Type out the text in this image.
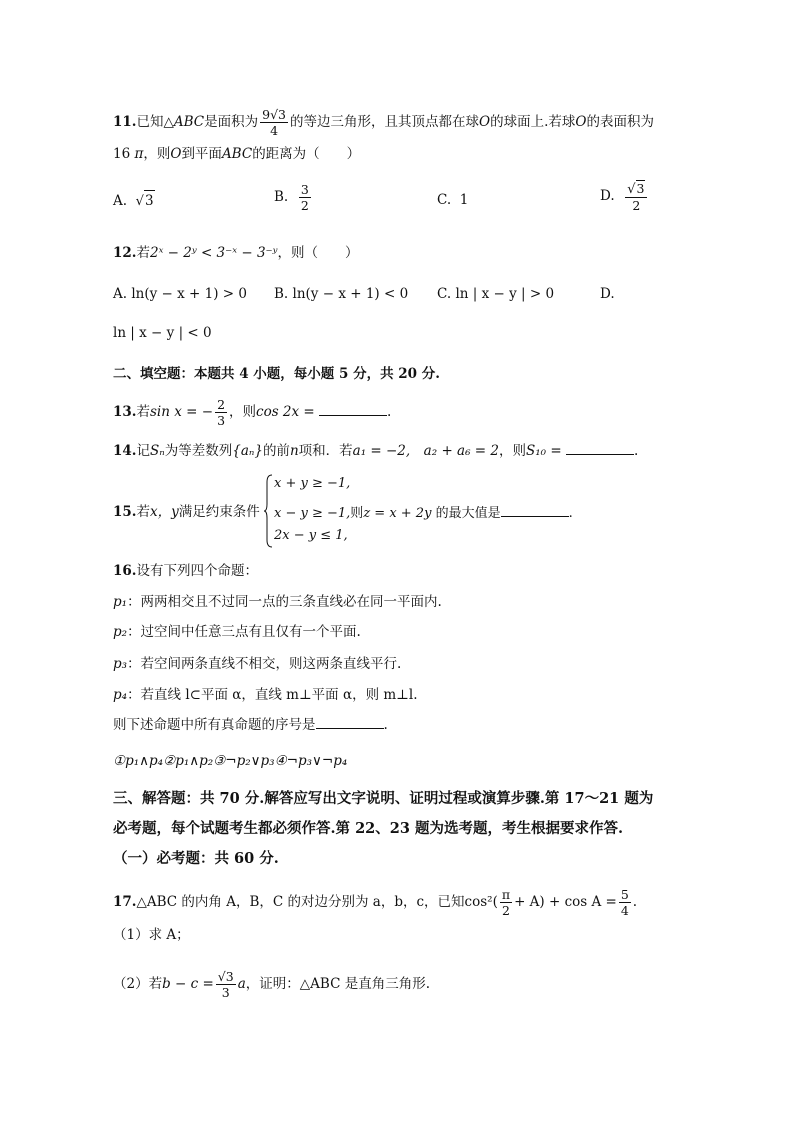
11.已知△ABC是面积为 $\frac{9√3}{4}$ 的等边三角形，且其顶点都在球O的球面上.若球O的表面积为
16 π，则O到平面ABC的距离为（　　）
A. √3	B. $\frac{3}{2}$	C. 1	D. $\frac{√3}{2}$
12.若2ˣ − 2ʸ < 3⁻ˣ − 3⁻ʸ，则（　　）
A. ln(y − x + 1) > 0 B. ln(y − x + 1) < 0 C. ln | x − y | > 0	D.
ln | x − y | < 0
二、填空题：本题共 4 小题，每小题 5 分，共 20 分.
13.若sin x = − $\frac{2}{3}$ ，则cos 2x =	.
14.记Sₙ为等差数列{aₙ}的前n项和．若a₁ = −2,　a₂ + a₆ = 2，则S₁₀ =	.
15.若x，y满足约束条件
x + y ≥ −1,
x − y ≥ −1,则z = x + 2y 的最大值是	.
2x − y ≤ 1,
16.设有下列四个命题：
p₁：两两相交且不过同一点的三条直线必在同一平面内.
p₂：过空间中任意三点有且仅有一个平面.
p₃：若空间两条直线不相交，则这两条直线平行.
p₄：若直线 l⊂平面 α，直线 m⊥平面 α，则 m⊥l.
则下述命题中所有真命题的序号是	.
①p₁∧p₄②p₁∧p₂③¬p₂∨p₃④¬p₃∨¬p₄
三、解答题：共 70 分.解答应写出文字说明、证明过程或演算步骤.第 17～21 题为
必考题，每个试题考生都必须作答.第 22、23 题为选考题，考生根据要求作答.
（一）必考题：共 60 分.
17.△ABC 的内角 A，B，C 的对边分别为 a，b，c，已知$\cos^2( \frac{\pi}{2} + A) + \cos A = \frac{5}{4}$ .
（1）求 A；
（2）若$b - c = \frac{√3}{3}$ a，证明：△ABC 是直角三角形.
